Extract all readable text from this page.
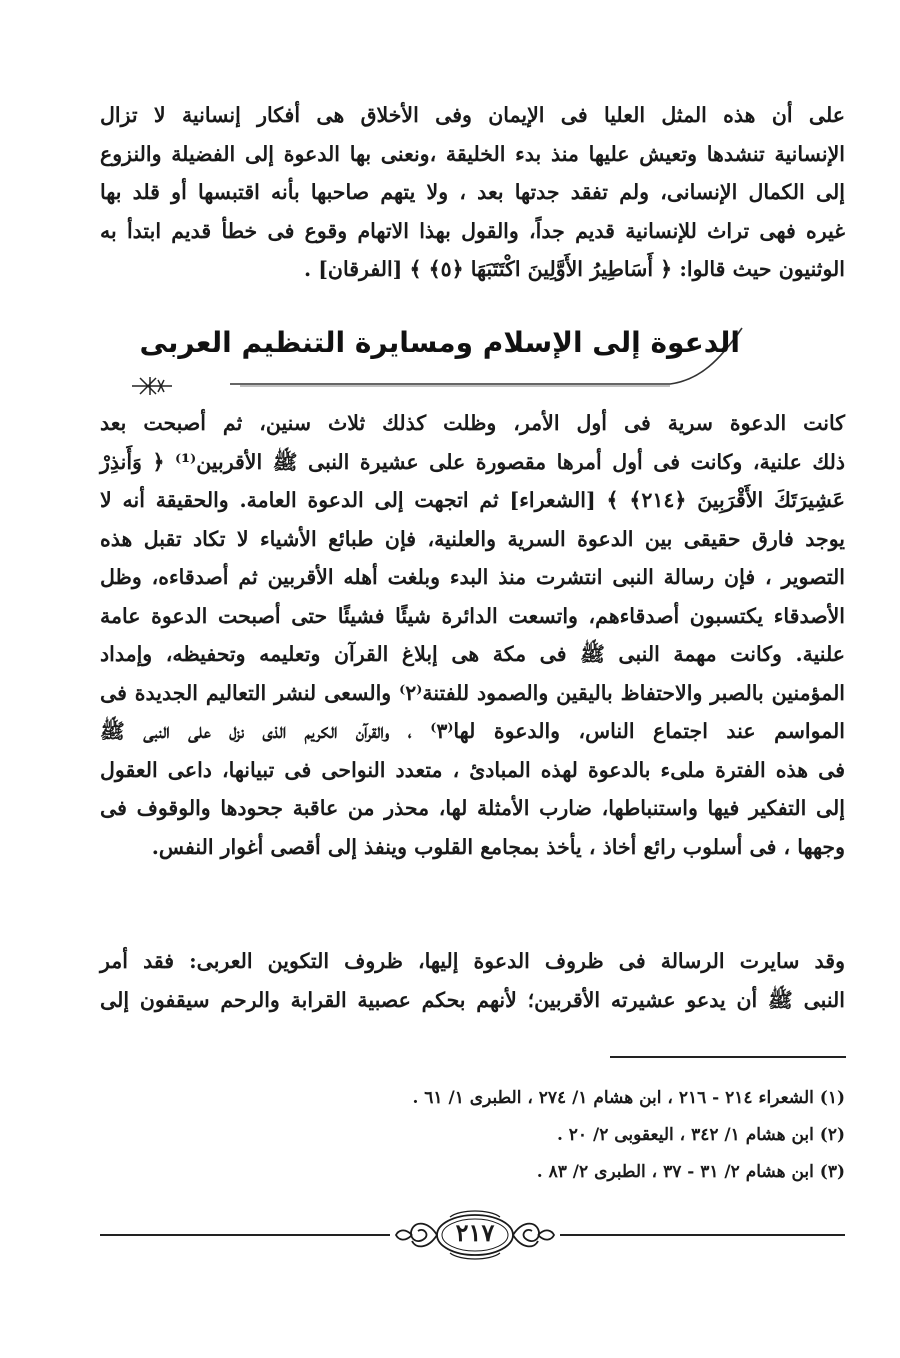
على أن هذه المثل العليا فى الإيمان وفى الأخلاق هى أفكار إنسانية لا تزال
الإنسانية تنشدها وتعيش عليها منذ بدء الخليقة ،ونعنى بها الدعوة إلى الفضيلة والنزوع
إلى الكمال الإنسانى، ولم تفقد جدتها بعد ، ولا يتهم صاحبها بأنه اقتبسها أو قلد بها
غيره فهى تراث للإنسانية قديم جداً، والقول بهذا الاتهام وقوع فى خطأ قديم ابتدأ به
الوثنيون حيث قالوا: ﴿ أَسَاطِيرُ الأَوَّلِينَ اكْتَتَبَهَا ﴿٥﴾ ﴾ [الفرقان] .
الدعوة إلى الإسلام ومسايرة التنظيم العربى
كانت الدعوة سرية فى أول الأمر، وظلت كذلك ثلاث سنين، ثم أصبحت بعد
ذلك علنية، وكانت فى أول أمرها مقصورة على عشيرة النبى ﷺ الأقربين⁽¹⁾ ﴿ وَأَنذِرْ
عَشِيرَتَكَ الأَقْرَبِينَ ﴿٢١٤﴾ ﴾ [الشعراء] ثم اتجهت إلى الدعوة العامة. والحقيقة أنه لا
يوجد فارق حقيقى بين الدعوة السرية والعلنية، فإن طبائع الأشياء لا تكاد تقبل هذه
التصوير ، فإن رسالة النبى انتشرت منذ البدء وبلغت أهله الأقربين ثم أصدقاءه، وظل
الأصدقاء يكتسبون أصدقاءهم، واتسعت الدائرة شيئًا فشيئًا حتى أصبحت الدعوة عامة
علنية. وكانت مهمة النبى ﷺ فى مكة هى إبلاغ القرآن وتعليمه وتحفيظه، وإمداد
المؤمنين بالصبر والاحتفاظ باليقين والصمود للفتنة⁽٢⁾ والسعى لنشر التعاليم الجديدة فى
المواسم عند اجتماع الناس، والدعوة لها⁽٣⁾ ، والقرآن الكريم الذى نزل على النبى ﷺ
فى هذه الفترة ملىء بالدعوة لهذه المبادئ ، متعدد النواحى فى تبيانها، داعى العقول
إلى التفكير فيها واستنباطها، ضارب الأمثلة لها، محذر من عاقبة جحودها والوقوف فى
وجهها ، فى أسلوب رائع أخاذ ، يأخذ بمجامع القلوب وينفذ إلى أقصى أغوار النفس.
وقد سايرت الرسالة فى ظروف الدعوة إليها، ظروف التكوين العربى: فقد أمر
النبى ﷺ أن يدعو عشيرته الأقربين؛ لأنهم بحكم عصبية القرابة والرحم سيقفون إلى
(١) الشعراء ٢١٤ - ٢١٦ ، ابن هشام ١/ ٢٧٤ ، الطبرى ١/ ٦١ .
(٢) ابن هشام ١/ ٣٤٢ ، اليعقوبى ٢/ ٢٠ .
(٣) ابن هشام ٢/ ٣١ - ٣٧ ، الطبرى ٢/ ٨٣ .
٢١٧
